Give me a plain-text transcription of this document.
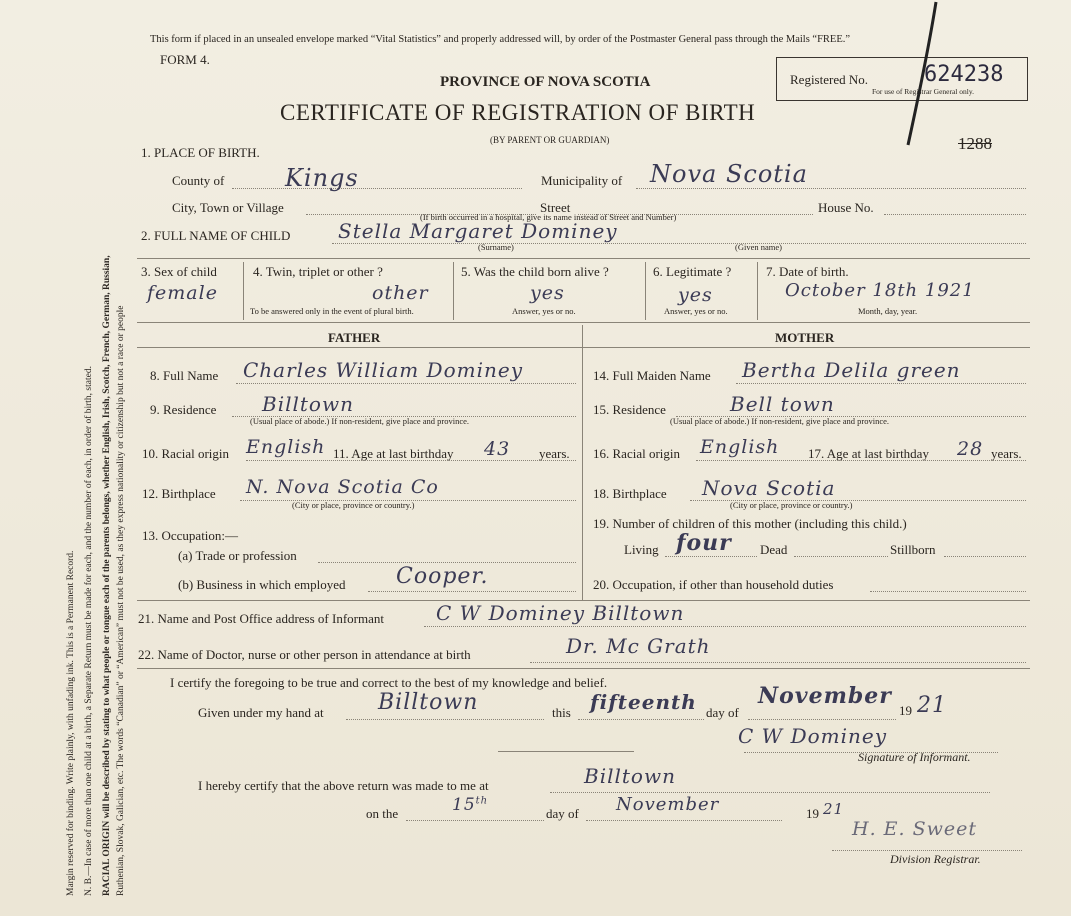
Margin reserved for binding. Write plainly, with unfading ink. This is a Permanent Record. N. B.—In case of more than one child at a birth, a Separate Return must be made for each, and the number of each, in order of birth, stated. RACIAL ORIGIN will be described by stating to what people or tongue each of the parents belongs, whether English, Irish, Scotch, French, German, Russian, Ruthenian, Slovak, Galician, etc. The words “Canadian” or “American” must not be used, as they express nationality or citizenship but not a race or people
This form if placed in an unsealed envelope marked “Vital Statistics” and properly addressed will, by order of the Postmaster General pass through the Mails “FREE.”
FORM 4.
PROVINCE OF NOVA SCOTIA
CERTIFICATE OF REGISTRATION OF BIRTH
(BY PARENT OR GUARDIAN)
Registered No.	624238
For use of Registrar General only.
1288
1. PLACE OF BIRTH.
County of	Kings	Municipality of Nova Scotia
City, Town or Village	Street	House No.
(If birth occurred in a hospital, give its name instead of Street and Number)
2. FULL NAME OF CHILD Stella Margaret Dominey
(Surname)	(Given name)
3. Sex of child
female
4. Twin, triplet or other ?
other
To be answered only in the event of plural birth.
5. Was the child born alive ?
yes
Answer, yes or no.
6. Legitimate ?
yes
Answer, yes or no.
7. Date of birth.
October 18th 1921
Month, day, year.
FATHER	MOTHER
8. Full Name Charles William Dominey
9. Residence Billtown
(Usual place of abode.) If non-resident, give place and province.
10. Racial origin English 11. Age at last birthday 43 years.
12. Birthplace N. Nova Scotia Co
(City or place, province or country.)
13. Occupation:—
(a) Trade or profession
(b) Business in which employed Cooper.
14. Full Maiden Name Bertha Delila green
15. Residence	Bell town
(Usual place of abode.) If non-resident, give place and province.
16. Racial origin English 17. Age at last birthday 28 years.
18. Birthplace Nova Scotia
(City or place, province or country.)
19. Number of children of this mother (including this child.)
Living four Dead	Stillborn
20. Occupation, if other than household duties
21. Name and Post Office address of Informant	C W Dominey Billtown
22. Name of Doctor, nurse or other person in attendance at birth	Dr. Mc Grath
I certify the foregoing to be true and correct to the best of my knowledge and belief.
Given under my hand at Billtown	this fifteenth day of
November
19 21
C W Dominey
Signature of Informant.
I hereby certify that the above return was made to me at	Billtown
on the	15th
day of November	19 21
H. E. Sweet
Division Registrar.
